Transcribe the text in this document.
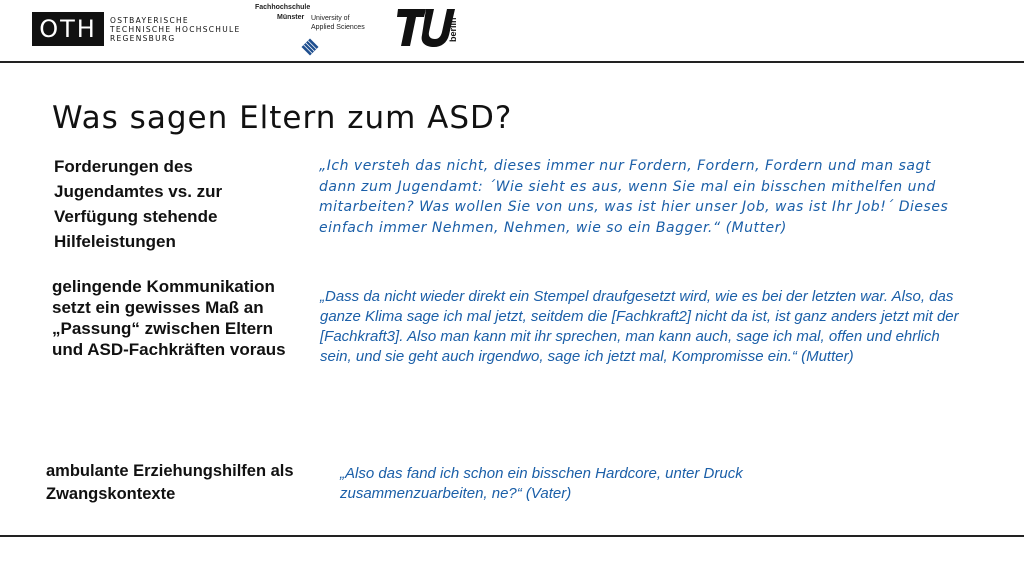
OTH	OSTBAYERISCHE
TECHNISCHE HOCHSCHULE
REGENSBURG
Fachhochschule
Münster University of
Applied Sciences	berlin
Was sagen Eltern zum ASD?
Forderungen des Jugendamtes vs. zur Verfügung stehende Hilfeleistungen
gelingende Kommunikation setzt ein gewisses Maß an „Passung“ zwischen Eltern und ASD-Fachkräften voraus
ambulante Erziehungshilfen als Zwangskontexte
„Ich versteh das nicht, dieses immer nur Fordern, Fordern, Fordern und man sagt dann zum Jugendamt: ´Wie sieht es aus, wenn Sie mal ein bisschen mithelfen und mitarbeiten? Was wollen Sie von uns, was ist hier unser Job, was ist Ihr Job!´ Dieses einfach immer Nehmen, Nehmen, wie so ein Bagger.“ (Mutter)
„Dass da nicht wieder direkt ein Stempel draufgesetzt wird, wie es bei der letzten war. Also, das ganze Klima sage ich mal jetzt, seitdem die [Fachkraft2] nicht da ist, ist ganz anders jetzt mit der [Fachkraft3]. Also man kann mit ihr sprechen, man kann auch, sage ich mal, offen und ehrlich sein, und sie geht auch irgendwo, sage ich jetzt mal, Kompromisse ein.“ (Mutter)
„Also das fand ich schon ein bisschen Hardcore, unter Druck zusammenzuarbeiten, ne?“ (Vater)
